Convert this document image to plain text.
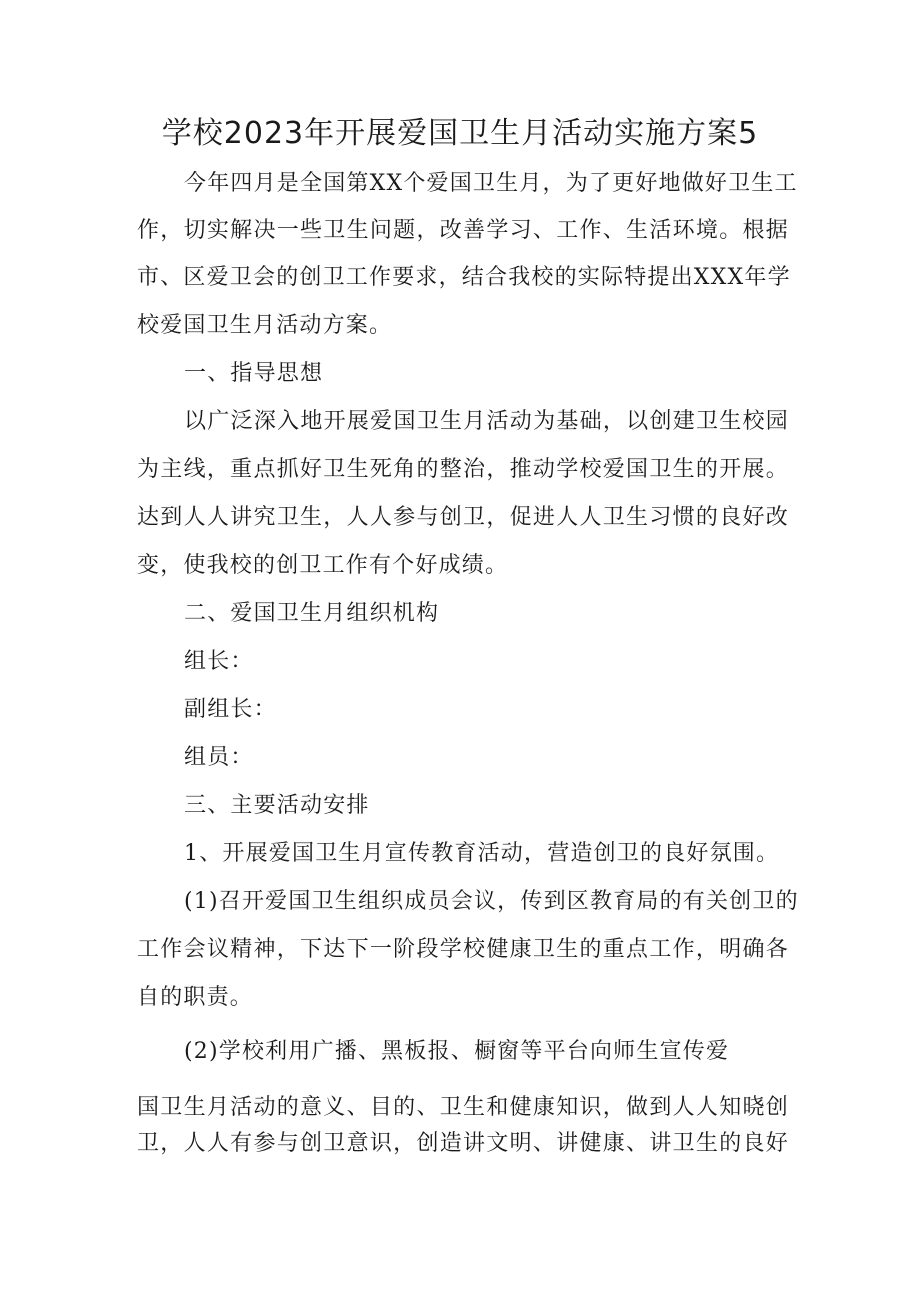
学校2023年开展爱国卫生月活动实施方案5

今年四月是全国第XX个爱国卫生月，为了更好地做好卫生工

作，切实解决一些卫生问题，改善学习、工作、生活环境。根据

市、区爱卫会的创卫工作要求，结合我校的实际特提出XXX年学

校爱国卫生月活动方案。

一、指导思想

以广泛深入地开展爱国卫生月活动为基础，以创建卫生校园

为主线，重点抓好卫生死角的整治，推动学校爱国卫生的开展。

达到人人讲究卫生，人人参与创卫，促进人人卫生习惯的良好改

变，使我校的创卫工作有个好成绩。

二、爱国卫生月组织机构

组长：

副组长：

组员：

三、主要活动安排

1、开展爱国卫生月宣传教育活动，营造创卫的良好氛围。

(1)召开爱国卫生组织成员会议，传到区教育局的有关创卫的

工作会议精神，下达下一阶段学校健康卫生的重点工作，明确各

自的职责。

(2)学校利用广播、黑板报、橱窗等平台向师生宣传爱

国卫生月活动的意义、目的、卫生和健康知识，做到人人知晓创

卫，人人有参与创卫意识，创造讲文明、讲健康、讲卫生的良好
